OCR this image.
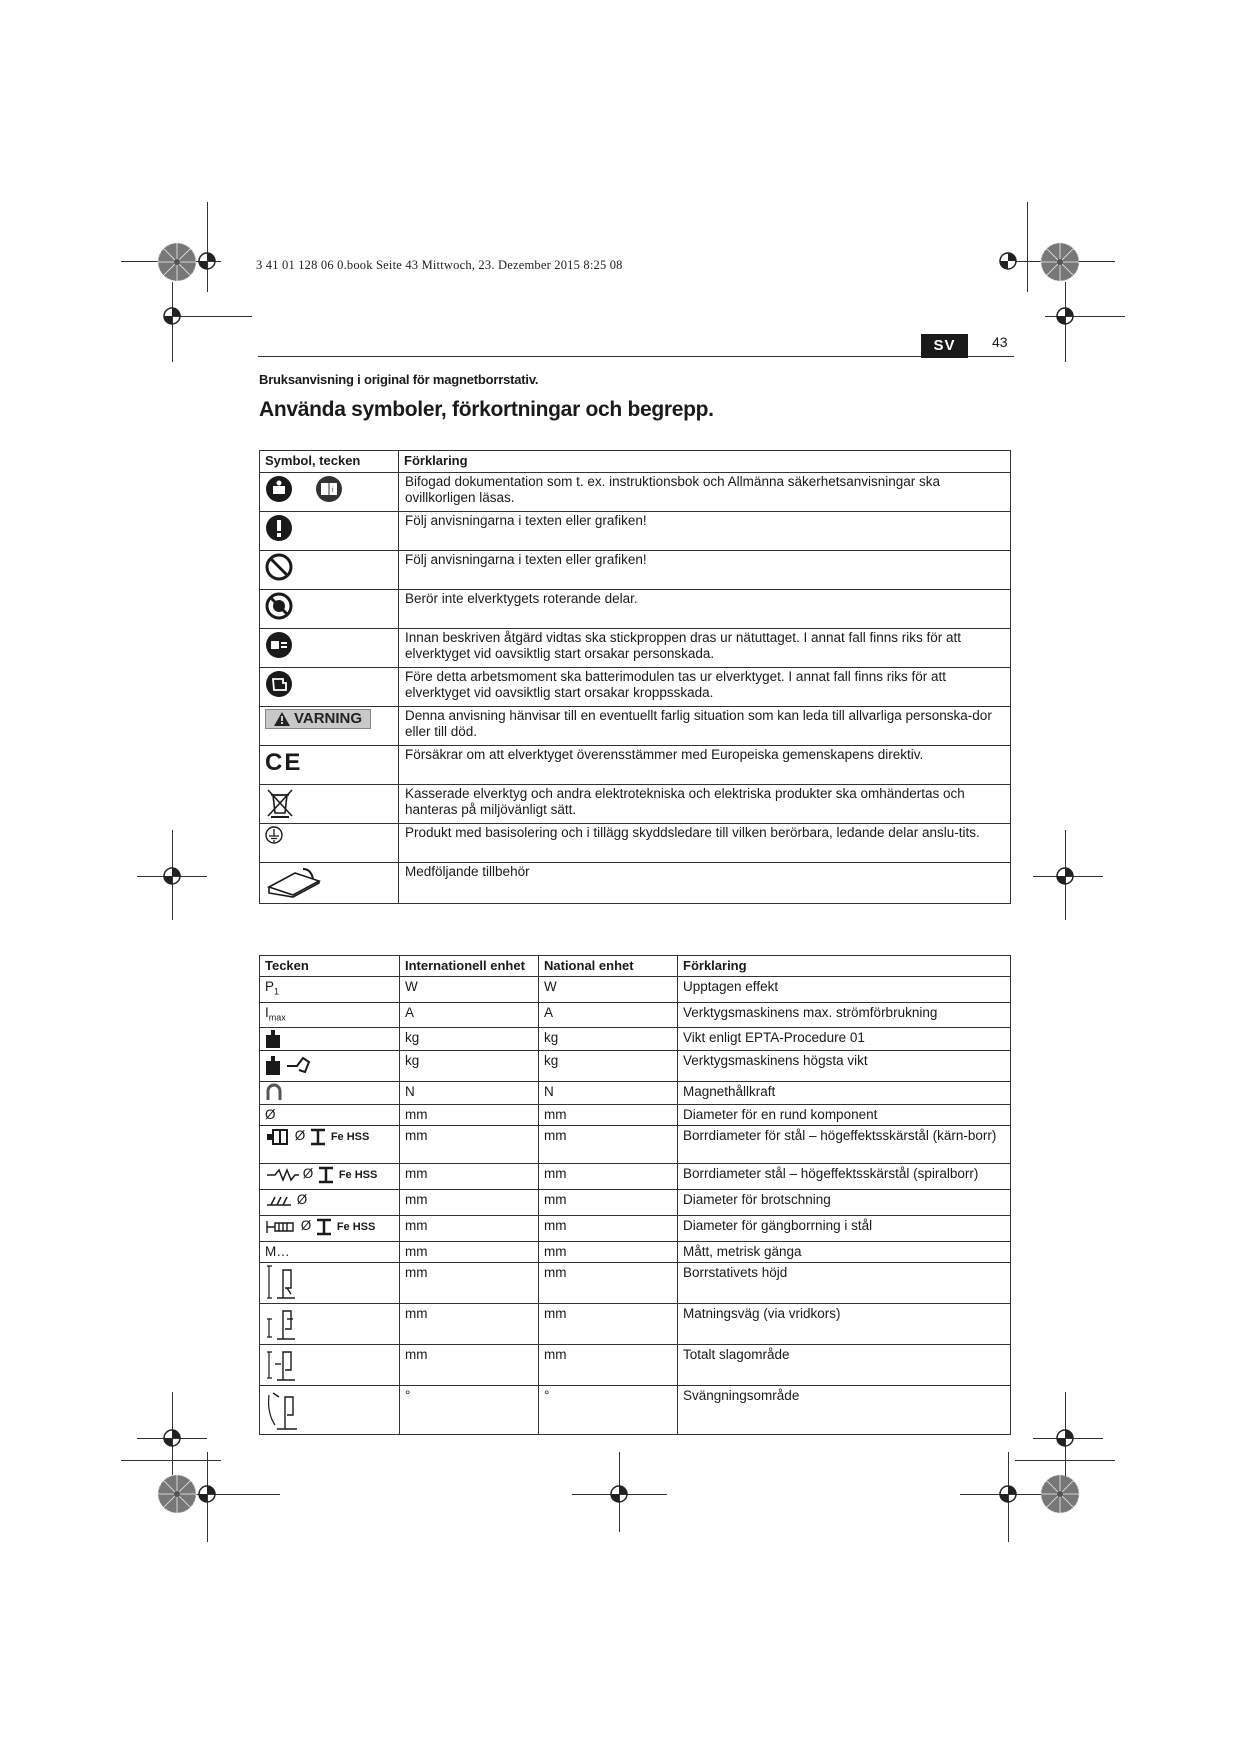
3 41 01 128 06 0.book Seite 43 Mittwoch, 23. Dezember 2015 8:25 08
SV	43
Bruksanvisning i original för magnetborrstativ.
Använda symboler, förkortningar och begrepp.
Symbol, tecken	Förklaring

i	Bifogad dokumentation som t. ex. instruktionsbok och Allmänna säkerhetsanvisningar ska ovillkorligen läsas.

	Följ anvisningarna i texten eller grafiken!

	Följ anvisningarna i texten eller grafiken!

	Berör inte elverktygets roterande delar.

	Innan beskriven åtgärd vidtas ska stickproppen dras ur nätuttaget. I annat fall finns riks för att elverktyget vid oavsiktlig start orsakar personskada.

	Före detta arbetsmoment ska batterimodulen tas ur elverktyget. I annat fall finns riks för att elverktyget vid oavsiktlig start orsakar kroppsskada.

VARNING	Denna anvisning hänvisar till en eventuellt farlig situation som kan leda till allvarliga personska-dor eller till död.
CE	Försäkrar om att elverktyget överensstämmer med Europeiska gemenskapens direktiv.

	Kasserade elverktyg och andra elektrotekniska och elektriska produkter ska omhändertas och hanteras på miljövänligt sätt.

	Produkt med basisolering och i tillägg skyddsledare till vilken berörbara, ledande delar anslu-tits.

	Medföljande tillbehör
Tecken	Internationell enhet	National enhet	Förklaring
$P_1$	W	W	Upptagen effekt
$I_{max}$	A	A	Verktygsmaskinens max. strömförbrukning

	kg	kg	Vikt enligt EPTA-Procedure 01

	kg	kg	Verktygsmaskinens högsta vikt

	N	N	Magnethållkraft
Ø	mm	mm	Diameter för en rund komponent
Ø Fe HSS	mm	mm	Borrdiameter för stål – högeffektsskärstål (kärn-borr)
Ø Fe HSS	mm	mm	Borrdiameter stål – högeffektsskärstål (spiralborr)
Ø	mm	mm	Diameter för brotschning
Ø Fe HSS	mm	mm	Diameter för gängborrning i stål
M…	mm	mm	Mått, metrisk gänga

	mm	mm	Borrstativets höjd

	mm	mm	Matningsväg (via vridkors)

	mm	mm	Totalt slagområde

	°	°	Svängningsområde
